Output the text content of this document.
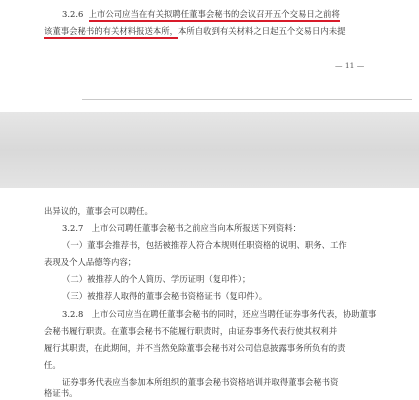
3.2.6 上市公司应当在有关拟聘任董事会秘书的会议召开五个交易日之前将
该董事会秘书的有关材料报送本所，本所自收到有关材料之日起五个交易日内未提
— 11 —
出异议的，董事会可以聘任。
3.2.7　上市公司聘任董事会秘书之前应当向本所报送下列资料：
（一）董事会推荐书，包括被推荐人符合本规则任职资格的说明、职务、工作
表现及个人品德等内容；
（二）被推荐人的个人简历、学历证明（复印件）；
（三）被推荐人取得的董事会秘书资格证书（复印件）。
3.2.8　上市公司应当在聘任董事会秘书的同时，还应当聘任证券事务代表，协助董事
会秘书履行职责。在董事会秘书不能履行职责时，由证券事务代表行使其权利并
履行其职责，在此期间，并不当然免除董事会秘书对公司信息披露事务所负有的责
任。
证券事务代表应当参加本所组织的董事会秘书资格培训并取得董事会秘书资
格证书。
